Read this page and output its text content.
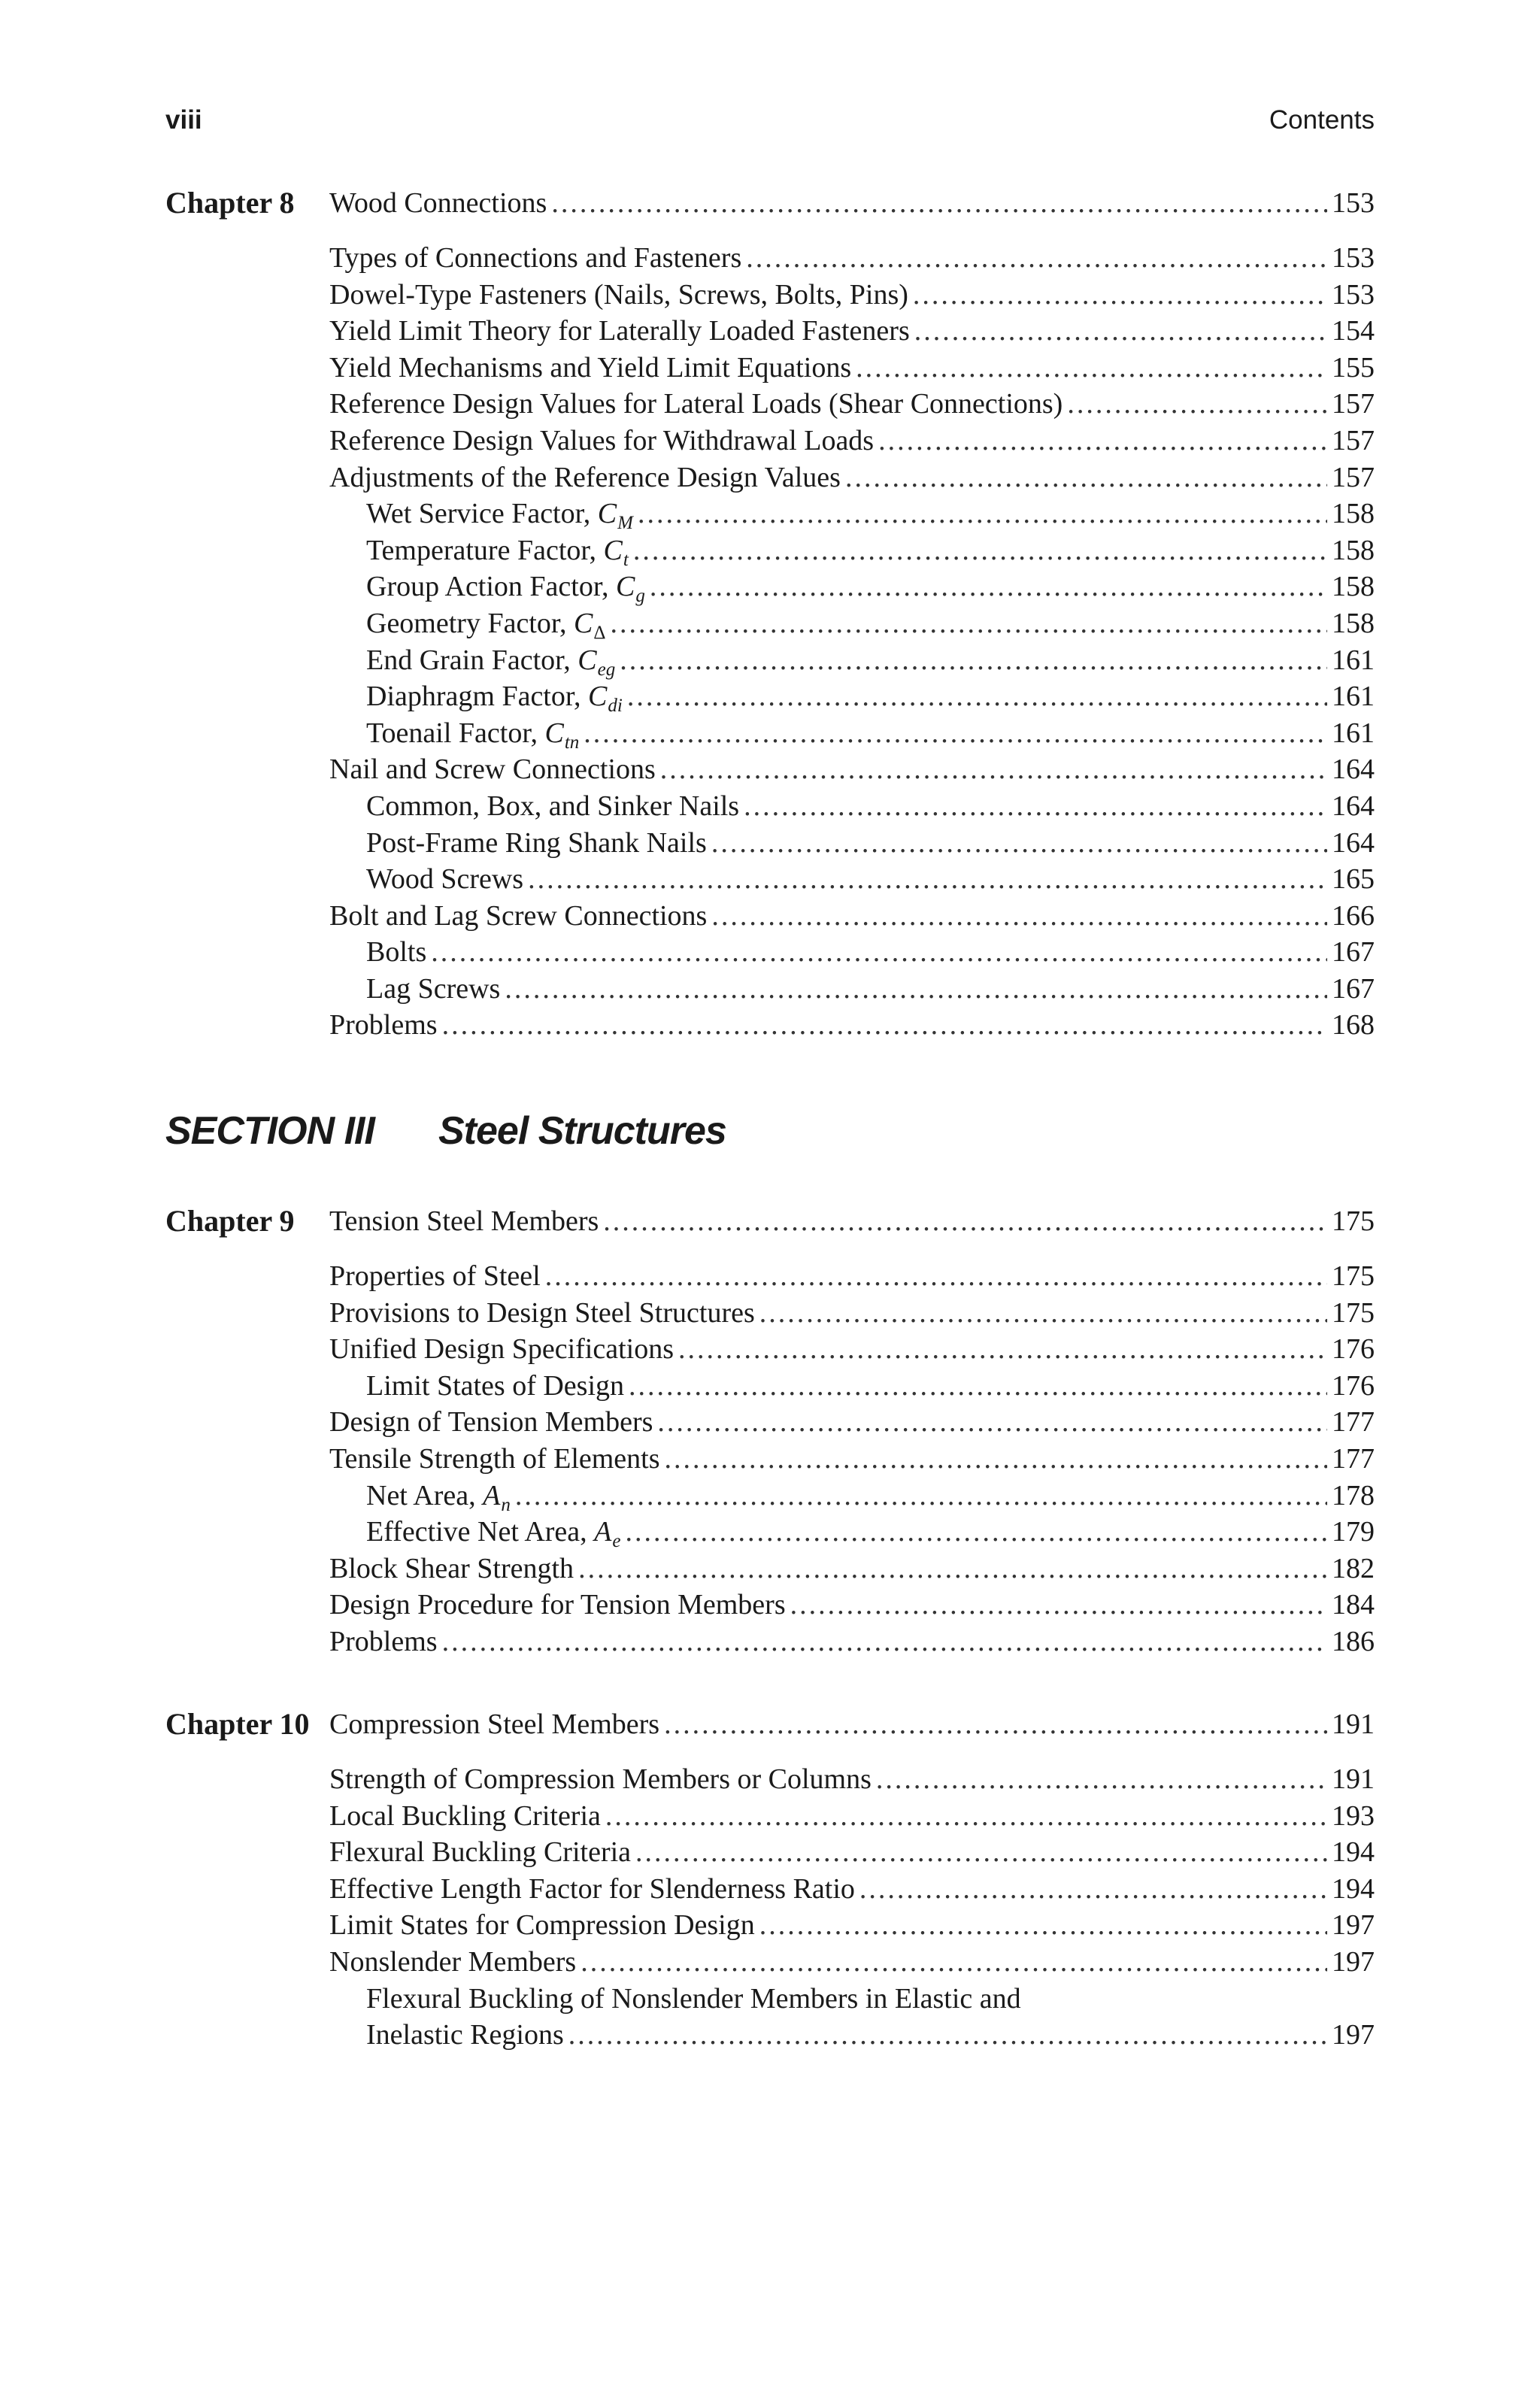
viii	Contents
Chapter 8 Wood Connections .....	153
Types of Connections and Fasteners .....	153
Dowel-Type Fasteners (Nails, Screws, Bolts, Pins) .....	153
Yield Limit Theory for Laterally Loaded Fasteners .....	154
Yield Mechanisms and Yield Limit Equations .....	155
Reference Design Values for Lateral Loads (Shear Connections) .....	157
Reference Design Values for Withdrawal Loads .....	157
Adjustments of the Reference Design Values .....	157
Wet Service Factor, $C_M$ .....	158
Temperature Factor, $C_t$ .....	158
Group Action Factor, $C_g$ .....	158
Geometry Factor, $C_\Delta$ .....	158
End Grain Factor, $C_{eg}$ .....	161
Diaphragm Factor, $C_{di}$ .....	161
Toenail Factor, $C_{tn}$ .....	161
Nail and Screw Connections .....	164
Common, Box, and Sinker Nails .....	164
Post-Frame Ring Shank Nails .....	164
Wood Screws .....	165
Bolt and Lag Screw Connections .....	166
Bolts .....	167
Lag Screws .....	167
Problems .....	168
SECTION III Steel Structures
Chapter 9 Tension Steel Members .....	175
Properties of Steel .....	175
Provisions to Design Steel Structures .....	175
Unified Design Specifications .....	176
Limit States of Design .....	176
Design of Tension Members .....	177
Tensile Strength of Elements .....	177
Net Area, $A_n$ .....	178
Effective Net Area, $A_e$ .....	179
Block Shear Strength .....	182
Design Procedure for Tension Members .....	184
Problems .....	186
Chapter 10 Compression Steel Members .....	191
Strength of Compression Members or Columns .....	191
Local Buckling Criteria .....	193
Flexural Buckling Criteria .....	194
Effective Length Factor for Slenderness Ratio .....	194
Limit States for Compression Design .....	197
Nonslender Members .....	197
Flexural Buckling of Nonslender Members in Elastic and
Inelastic Regions .....	197
